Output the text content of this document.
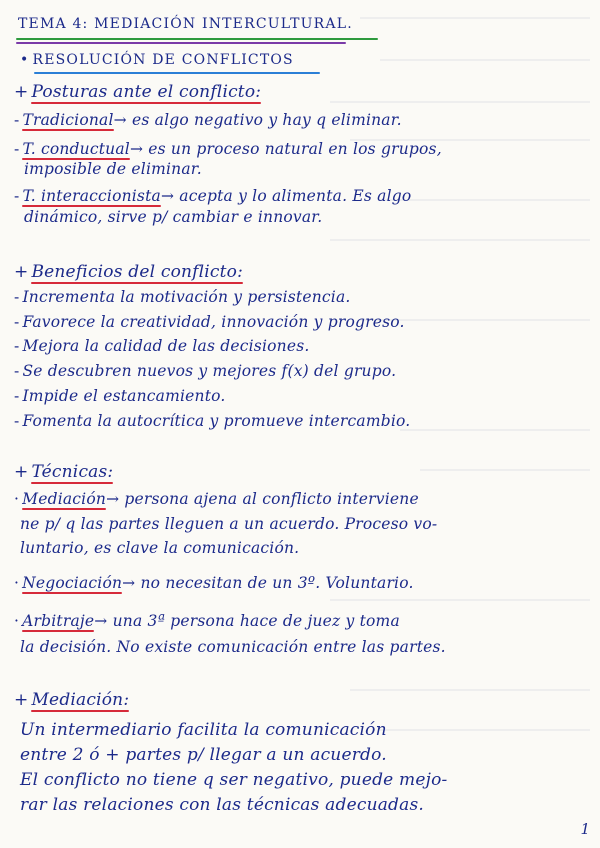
TEMA 4: MEDIACIÓN INTERCULTURAL.
• RESOLUCIÓN DE CONFLICTOS
+ Posturas ante el conflicto:
- Tradicional→ es algo negativo y hay q eliminar.
- T. conductual→ es un proceso natural en los grupos,
imposible de eliminar.
- T. interaccionista→ acepta y lo alimenta. Es algo
dinámico, sirve p/ cambiar e innovar.
+ Beneficios del conflicto:
- Incrementa la motivación y persistencia.
- Favorece la creatividad, innovación y progreso.
- Mejora la calidad de las decisiones.
- Se descubren nuevos y mejores f(x) del grupo.
- Impide el estancamiento.
- Fomenta la autocrítica y promueve intercambio.
+ Técnicas:
· Mediación→ persona ajena al conflicto interviene
ne p/ q las partes lleguen a un acuerdo. Proceso vo-
luntario, es clave la comunicación.
· Negociación→ no necesitan de un 3º. Voluntario.
· Arbitraje→ una 3ª persona hace de juez y toma
la decisión. No existe comunicación entre las partes.
+ Mediación:
Un intermediario facilita la comunicación
entre 2 ó + partes p/ llegar a un acuerdo.
El conflicto no tiene q ser negativo, puede mejo-
rar las relaciones con las técnicas adecuadas.
1
